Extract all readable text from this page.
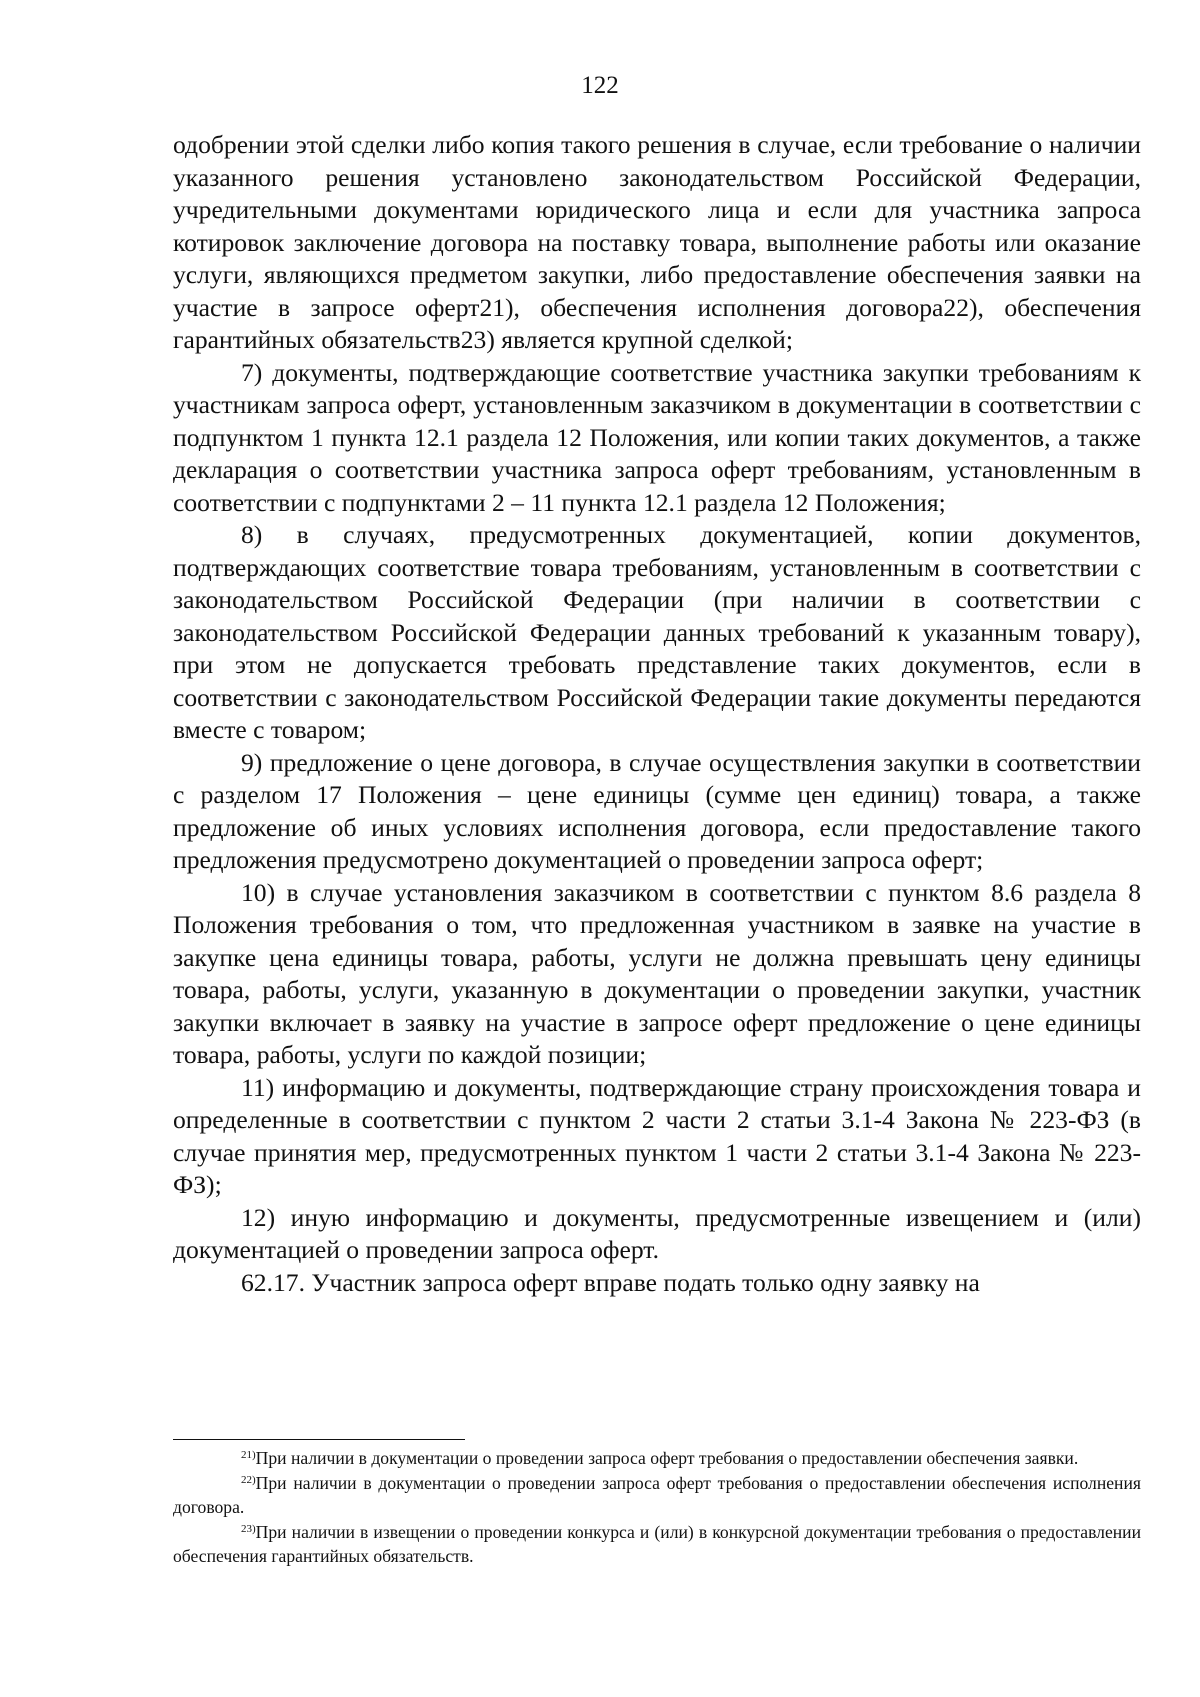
122

одобрении этой сделки либо копия такого решения в случае, если требование о наличии указанного решения установлено законодательством Российской Федерации, учредительными документами юридического лица и если для участника запроса котировок заключение договора на поставку товара, выполнение работы или оказание услуги, являющихся предметом закупки, либо предоставление обеспечения заявки на участие в запросе оферт21), обеспечения исполнения договора22), обеспечения гарантийных обязательств23) является крупной сделкой;

7) документы, подтверждающие соответствие участника закупки требованиям к участникам запроса оферт, установленным заказчиком в документации в соответствии с подпунктом 1 пункта 12.1 раздела 12 Положения, или копии таких документов, а также декларация о соответствии участника запроса оферт требованиям, установленным в соответствии с подпунктами 2 – 11 пункта 12.1 раздела 12 Положения;

8) в случаях, предусмотренных документацией, копии документов, подтверждающих соответствие товара требованиям, установленным в соответствии с законодательством Российской Федерации (при наличии в соответствии с законодательством Российской Федерации данных требований к указанным товару), при этом не допускается требовать представление таких документов, если в соответствии с законодательством Российской Федерации такие документы передаются вместе с товаром;

9) предложение о цене договора, в случае осуществления закупки в соответствии с разделом 17 Положения – цене единицы (сумме цен единиц) товара, а также предложение об иных условиях исполнения договора, если предоставление такого предложения предусмотрено документацией о проведении запроса оферт;

10) в случае установления заказчиком в соответствии с пунктом 8.6 раздела 8 Положения требования о том, что предложенная участником в заявке на участие в закупке цена единицы товара, работы, услуги не должна превышать цену единицы товара, работы, услуги, указанную в документации о проведении закупки, участник закупки включает в заявку на участие в запросе оферт предложение о цене единицы товара, работы, услуги по каждой позиции;

11) информацию и документы, подтверждающие страну происхождения товара и определенные в соответствии с пунктом 2 части 2 статьи 3.1-4 Закона № 223-ФЗ (в случае принятия мер, предусмотренных пунктом 1 части 2 статьи 3.1-4 Закона № 223-ФЗ);

12) иную информацию и документы, предусмотренные извещением и (или) документацией о проведении запроса оферт.

62.17. Участник запроса оферт вправе подать только одну заявку на

$^{21)}$При наличии в документации о проведении запроса оферт требования о предоставлении обеспечения заявки.

$^{22)}$При наличии в документации о проведении запроса оферт требования о предоставлении обеспечения исполнения договора.

$^{23)}$При наличии в извещении о проведении конкурса и (или) в конкурсной документации требования о предоставлении обеспечения гарантийных обязательств.
